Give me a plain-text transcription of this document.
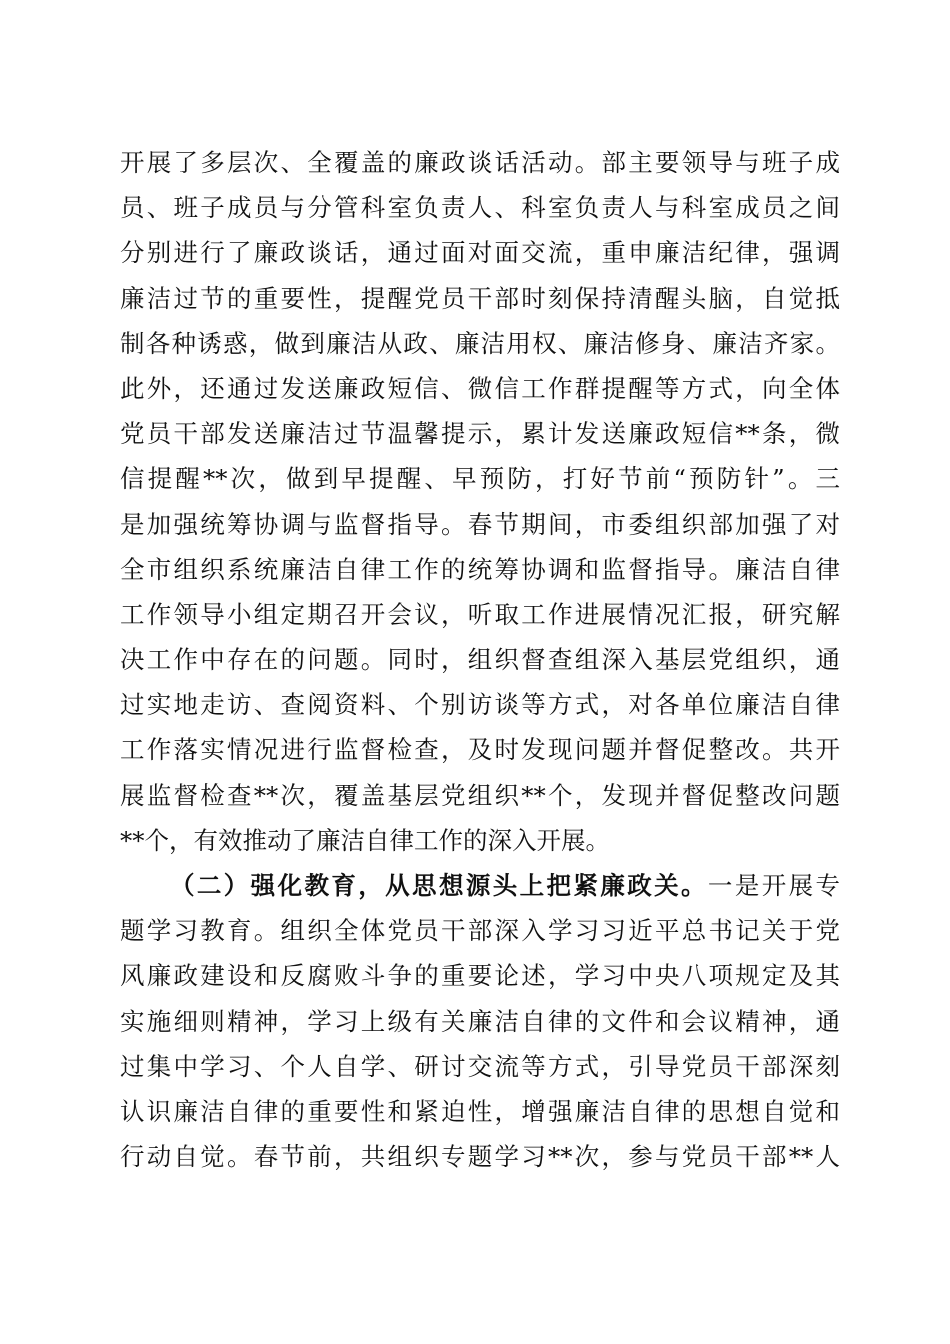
开展了多层次、全覆盖的廉政谈话活动。部主要领导与班子成
员、班子成员与分管科室负责人、科室负责人与科室成员之间
分别进行了廉政谈话，通过面对面交流，重申廉洁纪律，强调
廉洁过节的重要性，提醒党员干部时刻保持清醒头脑，自觉抵
制各种诱惑，做到廉洁从政、廉洁用权、廉洁修身、廉洁齐家。
此外，还通过发送廉政短信、微信工作群提醒等方式，向全体
党员干部发送廉洁过节温馨提示，累计发送廉政短信**条，微
信提醒**次，做到早提醒、早预防，打好节前“预防针”。三
是加强统筹协调与监督指导。春节期间，市委组织部加强了对
全市组织系统廉洁自律工作的统筹协调和监督指导。廉洁自律
工作领导小组定期召开会议，听取工作进展情况汇报，研究解
决工作中存在的问题。同时，组织督查组深入基层党组织，通
过实地走访、查阅资料、个别访谈等方式，对各单位廉洁自律
工作落实情况进行监督检查，及时发现问题并督促整改。共开
展监督检查**次，覆盖基层党组织**个，发现并督促整改问题
**个，有效推动了廉洁自律工作的深入开展。
（二）强化教育，从思想源头上把紧廉政关。一是开展专
题学习教育。组织全体党员干部深入学习习近平总书记关于党
风廉政建设和反腐败斗争的重要论述，学习中央八项规定及其
实施细则精神，学习上级有关廉洁自律的文件和会议精神，通
过集中学习、个人自学、研讨交流等方式，引导党员干部深刻
认识廉洁自律的重要性和紧迫性，增强廉洁自律的思想自觉和
行动自觉。春节前，共组织专题学习**次，参与党员干部**人
